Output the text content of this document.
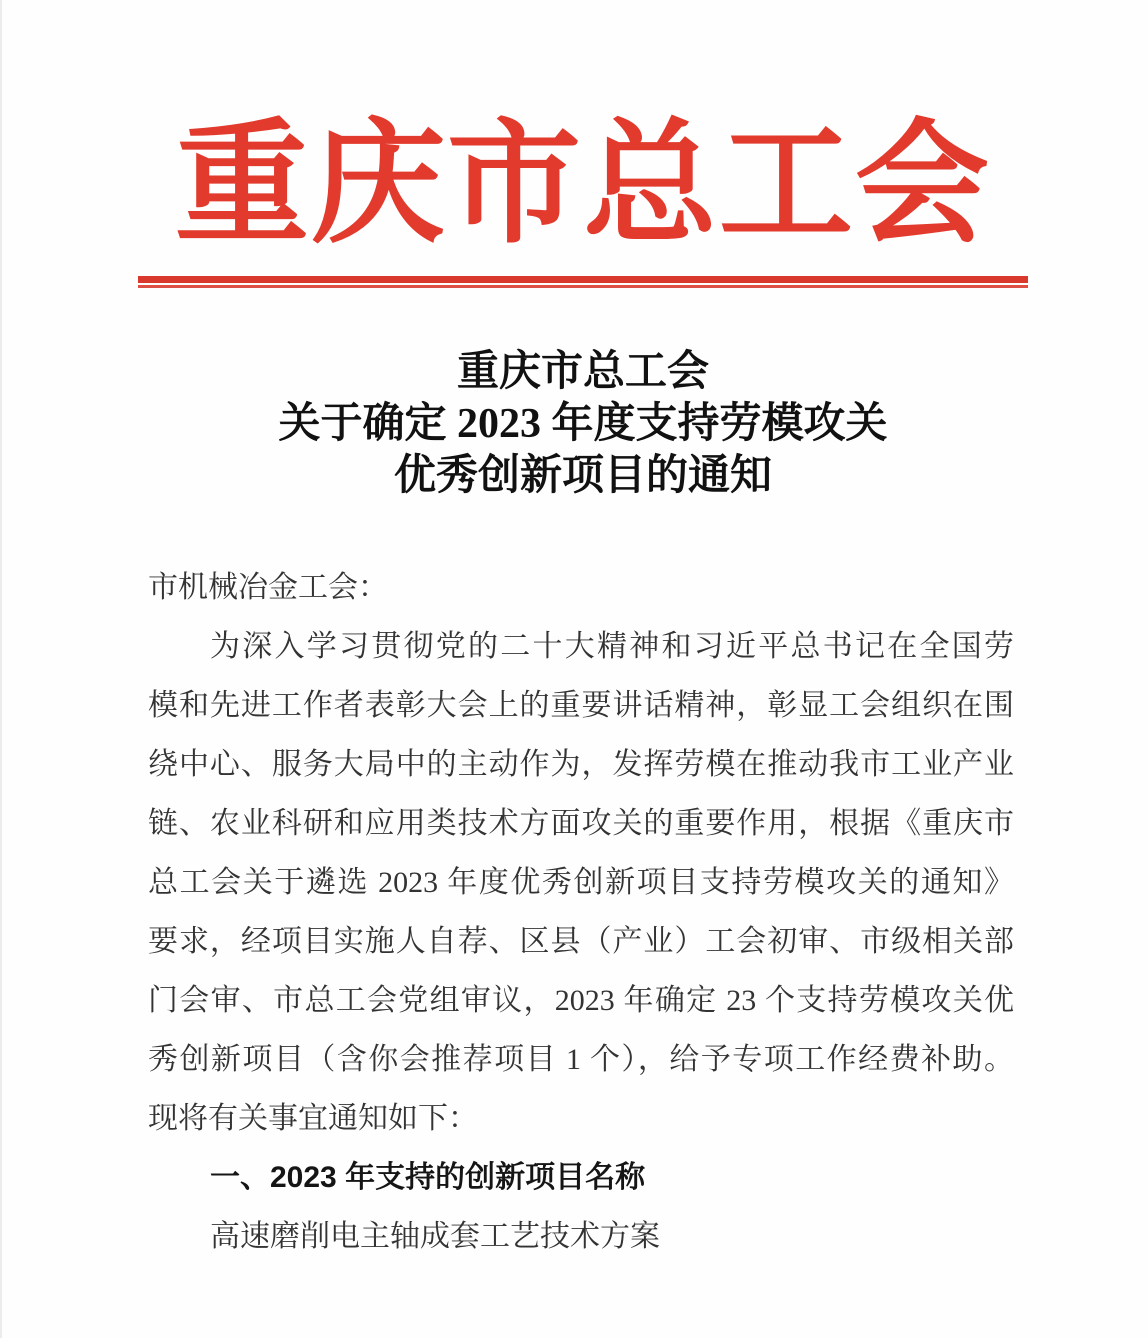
重庆市总工会
重庆市总工会
关于确定 2023 年度支持劳模攻关
优秀创新项目的通知
市机械冶金工会：
为深入学习贯彻党的二十大精神和习近平总书记在全国劳
模和先进工作者表彰大会上的重要讲话精神，彰显工会组织在围
绕中心、服务大局中的主动作为，发挥劳模在推动我市工业产业
链、农业科研和应用类技术方面攻关的重要作用，根据《重庆市
总工会关于遴选 2023 年度优秀创新项目支持劳模攻关的通知》
要求，经项目实施人自荐、区县（产业）工会初审、市级相关部
门会审、市总工会党组审议，2023 年确定 23 个支持劳模攻关优
秀创新项目（含你会推荐项目 1 个），给予专项工作经费补助。
现将有关事宜通知如下：
一、2023 年支持的创新项目名称
高速磨削电主轴成套工艺技术方案
